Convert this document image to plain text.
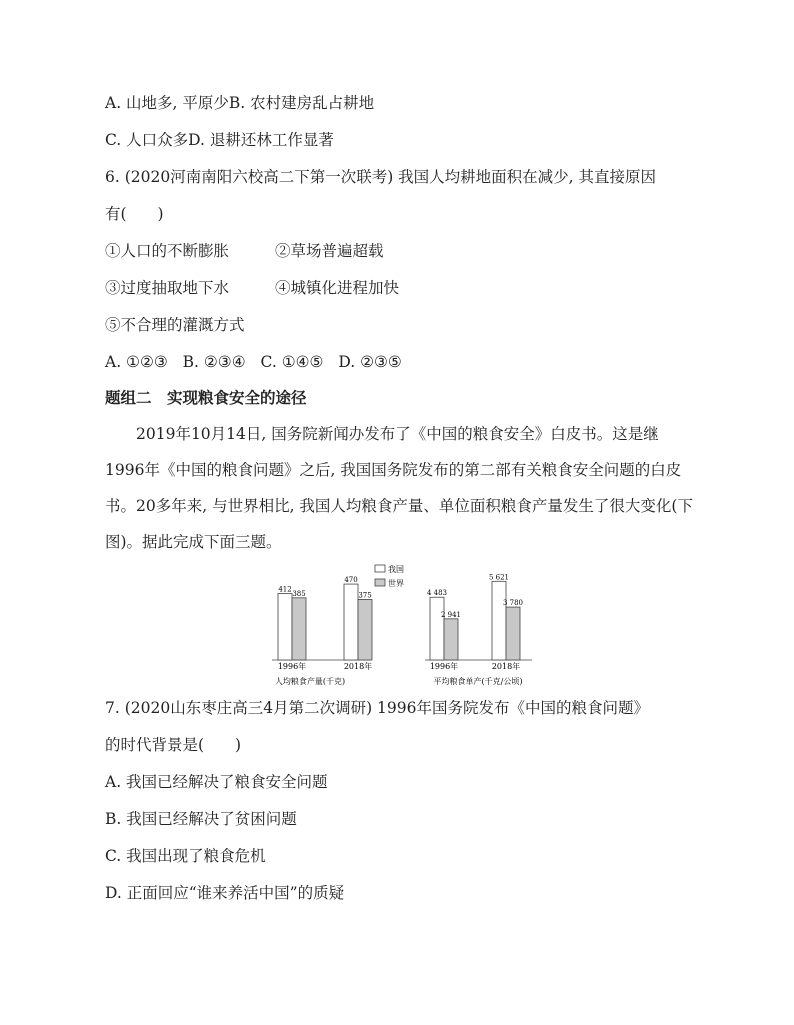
A. 山地多, 平原少B. 农村建房乱占耕地
C. 人口众多D. 退耕还林工作显著
6. (2020河南南阳六校高二下第一次联考) 我国人均耕地面积在减少, 其直接原因
有(　　)
①人口的不断膨胀	②草场普遍超载
③过度抽取地下水	④城镇化进程加快
⑤不合理的灌溉方式
A. ①②③ B. ②③④ C. ①④⑤ D. ②③⑤
题组二　实现粮食安全的途径
2019年10月14日, 国务院新闻办发布了《中国的粮食安全》白皮书。这是继1996年《中国的粮食问题》之后, 我国国务院发布的第二部有关粮食安全问题的白皮书。20多年来, 与世界相比, 我国人均粮食产量、单位面积粮食产量发生了很大变化(下图)。据此完成下面三题。
我国
世界
人均粮食产量(千克)	平均粮食单产(千克/公顷)
412
385
1996年
470
375
2018年
4 483
2 941
1996年
5 621
3 780
2018年
7. (2020山东枣庄高三4月第二次调研) 1996年国务院发布《中国的粮食问题》
的时代背景是(　　)
A. 我国已经解决了粮食安全问题
B. 我国已经解决了贫困问题
C. 我国出现了粮食危机
D. 正面回应“谁来养活中国”的质疑
